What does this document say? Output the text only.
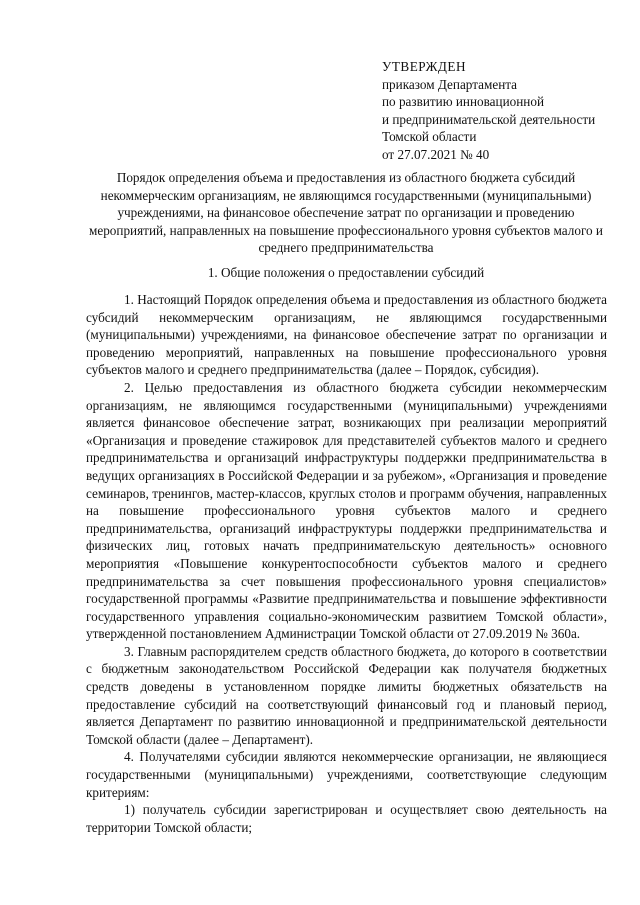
УТВЕРЖДЕН
приказом Департамента
по развитию инновационной
и предпринимательской деятельности
Томской области
от 27.07.2021 № 40
Порядок определения объема и предоставления из областного бюджета субсидий
некоммерческим организациям, не являющимся государственными (муниципальными)
учреждениями, на финансовое обеспечение затрат по организации и проведению
мероприятий, направленных на повышение профессионального уровня субъектов малого и
среднего предпринимательства
1. Общие положения о предоставлении субсидий

1. Настоящий Порядок определения объема и предоставления из областного бюджета субсидий некоммерческим организациям, не являющимся государственными (муниципальными) учреждениями, на финансовое обеспечение затрат по организации и проведению мероприятий, направленных на повышение профессионального уровня субъектов малого и среднего предпринимательства (далее – Порядок, субсидия).

2. Целью предоставления из областного бюджета субсидии некоммерческим организациям, не являющимся государственными (муниципальными) учреждениями является финансовое обеспечение затрат, возникающих при реализации мероприятий «Организация и проведение стажировок для представителей субъектов малого и среднего предпринимательства и организаций инфраструктуры поддержки предпринимательства в ведущих организациях в Российской Федерации и за рубежом», «Организация и проведение семинаров, тренингов, мастер-классов, круглых столов и программ обучения, направленных на повышение профессионального уровня субъектов малого и среднего предпринимательства, организаций инфраструктуры поддержки предпринимательства и физических лиц, готовых начать предпринимательскую деятельность» основного мероприятия «Повышение конкурентоспособности субъектов малого и среднего предпринимательства за счет повышения профессионального уровня специалистов» государственной программы «Развитие предпринимательства и повышение эффективности государственного управления социально-экономическим развитием Томской области», утвержденной постановлением Администрации Томской области от 27.09.2019 № 360а.

3. Главным распорядителем средств областного бюджета, до которого в соответствии с бюджетным законодательством Российской Федерации как получателя бюджетных средств доведены в установленном порядке лимиты бюджетных обязательств на предоставление субсидий на соответствующий финансовый год и плановый период, является Департамент по развитию инновационной и предпринимательской деятельности Томской области (далее – Департамент).

4. Получателями субсидии являются некоммерческие организации, не являющиеся государственными (муниципальными) учреждениями, соответствующие следующим критериям:

1) получатель субсидии зарегистрирован и осуществляет свою деятельность на территории Томской области;
